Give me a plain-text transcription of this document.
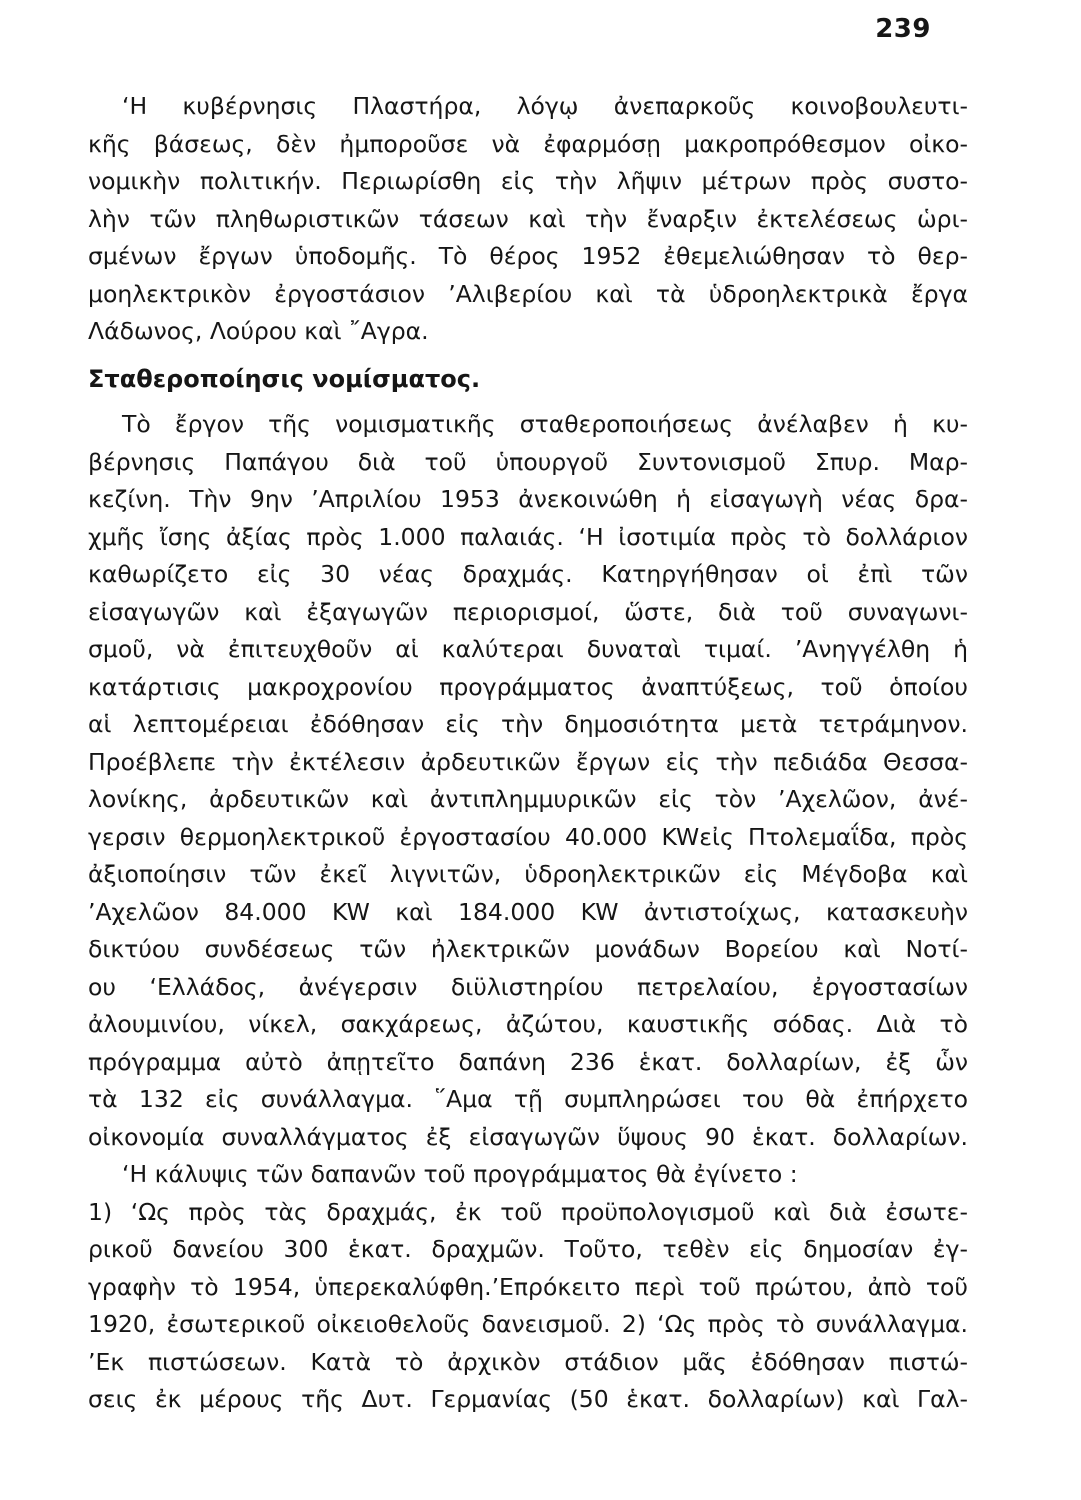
239
‘Η κυβέρνησις Πλαστήρα, λόγῳ ἀνεπαρκοῦς κοινοβουλευτι-
κῆς βάσεως, δὲν ἠμποροῦσε νὰ ἐφαρμόσῃ μακροπρόθεσμον οἰκο-
νομικὴν πολιτικήν. Περιωρίσθη εἰς τὴν λῆψιν μέτρων πρὸς συστο-
λὴν τῶν πληθωριστικῶν τάσεων καὶ τὴν ἔναρξιν ἐκτελέσεως ὡρι-
σμένων ἔργων ὑποδομῆς. Τὸ θέρος 1952 ἐθεμελιώθησαν τὸ θερ-
μοηλεκτρικὸν ἐργοστάσιον ’Αλιβερίου καὶ τὰ ὑδροηλεκτρικὰ ἔργα
Λάδωνος, Λούρου καὶ ῎Αγρα.
Σταθεροποίησις νομίσματος.
Τὸ ἔργον τῆς νομισματικῆς σταθεροποιήσεως ἀνέλαβεν ἡ κυ-
βέρνησις Παπάγου διὰ τοῦ ὑπουργοῦ Συντονισμοῦ Σπυρ. Μαρ-
κεζίνη. Τὴν 9ην ’Απριλίου 1953 ἀνεκοινώθη ἡ εἰσαγωγὴ νέας δρα-
χμῆς ἴσης ἀξίας πρὸς 1.000 παλαιάς. ‘Η ἰσοτιμία πρὸς τὸ δολλάριον
καθωρίζετο εἰς 30 νέας δραχμάς. Κατηργήθησαν οἱ ἐπὶ τῶν
εἰσαγωγῶν καὶ ἐξαγωγῶν περιορισμοί, ὥστε, διὰ τοῦ συναγωνι-
σμοῦ, νὰ ἐπιτευχθοῦν αἱ καλύτεραι δυναταὶ τιμαί. ’Ανηγγέλθη ἡ
κατάρτισις μακροχρονίου προγράμματος ἀναπτύξεως, τοῦ ὁποίου
αἱ λεπτομέρειαι ἐδόθησαν εἰς τὴν δημοσιότητα μετὰ τετράμηνον.
Προέβλεπε τὴν ἐκτέλεσιν ἀρδευτικῶν ἔργων εἰς τὴν πεδιάδα Θεσσα-
λονίκης, ἀρδευτικῶν καὶ ἀντιπλημμυρικῶν εἰς τὸν ’Αχελῶον, ἀνέ-
γερσιν θερμοηλεκτρικοῦ ἐργοστασίου 40.000 KWεἰς Πτολεμαΐδα, πρὸς
ἀξιοποίησιν τῶν ἐκεῖ λιγνιτῶν, ὑδροηλεκτρικῶν εἰς Μέγδοβα καὶ
’Αχελῶον 84.000 KW καὶ 184.000 KW ἀντιστοίχως, κατασκευὴν
δικτύου συνδέσεως τῶν ἠλεκτρικῶν μονάδων Βορείου καὶ Νοτί-
ου ‘Ελλάδος, ἀνέγερσιν διϋλιστηρίου πετρελαίου, ἐργοστασίων
ἀλουμινίου, νίκελ, σακχάρεως, ἀζώτου, καυστικῆς σόδας. Διὰ τὸ
πρόγραμμα αὐτὸ ἀπῃτεῖτο δαπάνη 236 ἑκατ. δολλαρίων, ἐξ ὧν
τὰ 132 εἰς συνάλλαγμα. ῞Αμα τῇ συμπληρώσει του θὰ ἐπήρχετο
οἰκονομία συναλλάγματος ἐξ εἰσαγωγῶν ὕψους 90 ἑκατ. δολλαρίων.
‘Η κάλυψις τῶν δαπανῶν τοῦ προγράμματος θὰ ἐγίνετο :
1) ‘Ως πρὸς τὰς δραχμάς, ἐκ τοῦ προϋπολογισμοῦ καὶ διὰ ἐσωτε-
ρικοῦ δανείου 300 ἑκατ. δραχμῶν. Τοῦτο, τεθὲν εἰς δημοσίαν ἐγ-
γραφὴν τὸ 1954, ὑπερεκαλύφθη.’Επρόκειτο περὶ τοῦ πρώτου, ἀπὸ τοῦ
1920, ἐσωτερικοῦ οἰκειοθελοῦς δανεισμοῦ. 2) ‘Ως πρὸς τὸ συνάλλαγμα.
’Εκ πιστώσεων. Κατὰ τὸ ἀρχικὸν στάδιον μᾶς ἐδόθησαν πιστώ-
σεις ἐκ μέρους τῆς Δυτ. Γερμανίας (50 ἑκατ. δολλαρίων) καὶ Γαλ-
